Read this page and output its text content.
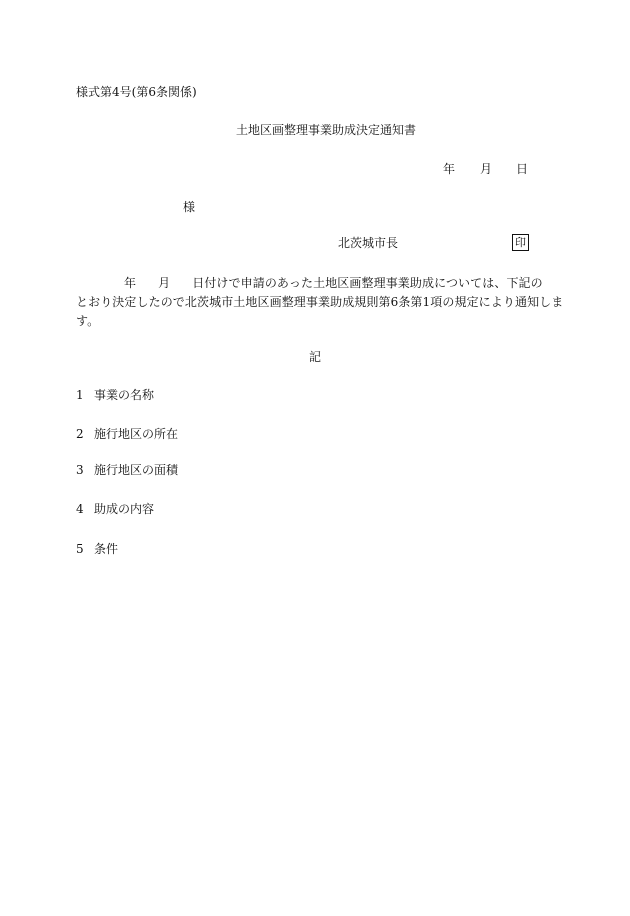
様式第4号(第6条関係)
土地区画整理事業助成決定通知書
年 月 日
様
北茨城市長	印
年 月 日付けで申請のあった土地区画整理事業助成については、下記の
とおり決定したので北茨城市土地区画整理事業助成規則第6条第1項の規定により通知しま
す。
記
1 事業の名称
2 施行地区の所在
3 施行地区の面積
4 助成の内容
5 条件
